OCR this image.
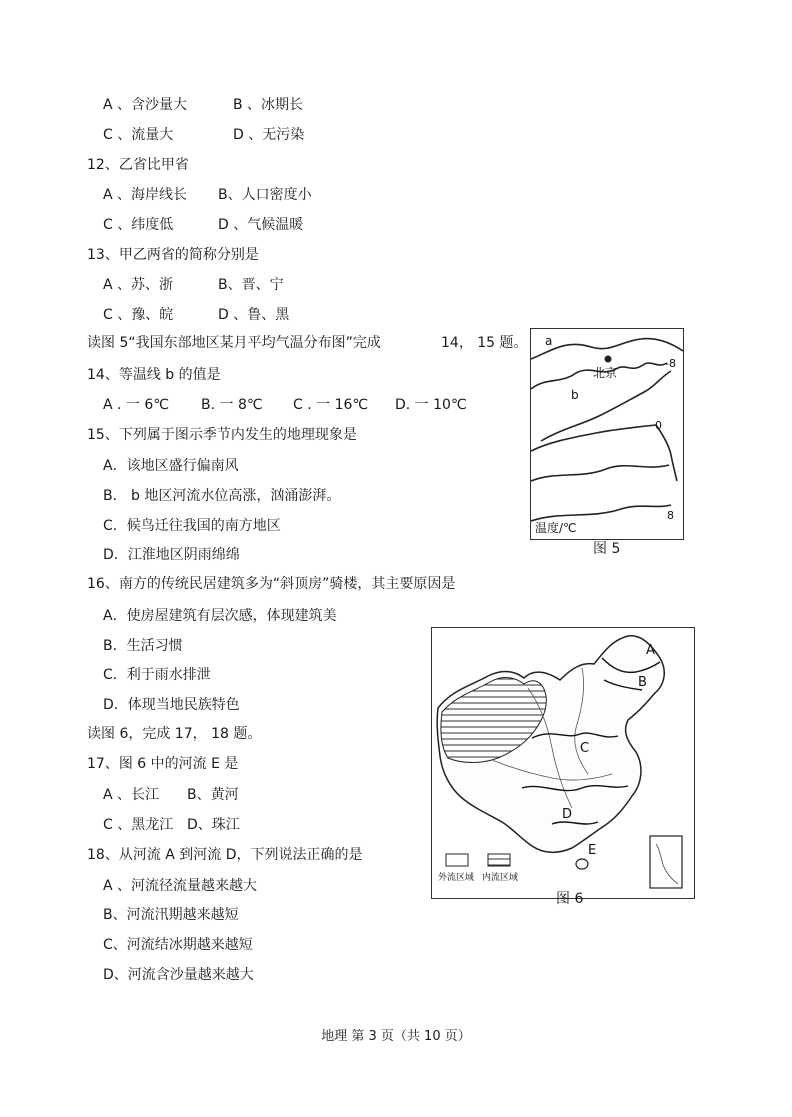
A 、含沙量大	B 、冰期长
C 、流量大	D 、无污染
12、乙省比甲省
A 、海岸线长 B、人口密度小
C 、纬度低	D 、气候温暖
13、甲乙两省的简称分别是
A 、苏、浙	B、晋、宁
C 、豫、皖	D 、鲁、黑
读图 5“我国东部地区某月平均气温分布图”完成	14， 15 题。
14、等温线 b 的值是
A . 一 6℃ B. 一 8℃ C . 一 16℃ D. 一 10℃
15、下列属于图示季节内发生的地理现象是
A．该地区盛行偏南风
B． b 地区河流水位高涨，汹涌澎湃。
C．候鸟迁往我国的南方地区
D．江淮地区阴雨绵绵
16、南方的传统民居建筑多为“斜顶房”骑楼，其主要原因是
A．使房屋建筑有层次感，体现建筑美
B．生活习惯
C．利于雨水排泄
D．体现当地民族特色
读图 6，完成 17， 18 题。
17、图 6 中的河流 E 是
A 、长江 B、黄河
C 、黑龙江 D、珠江
18、从河流 A 到河流 D，下列说法正确的是
A 、河流径流量越来越大
B、河流汛期越来越短
C、河流结冰期越来越短
D、河流含沙量越来越大
北京
a
b
-8
0
8
温度/℃
图 5
A
B
C
D
E
外流区域 内流区域
图 6
地理 第 3 页（共 10 页）
